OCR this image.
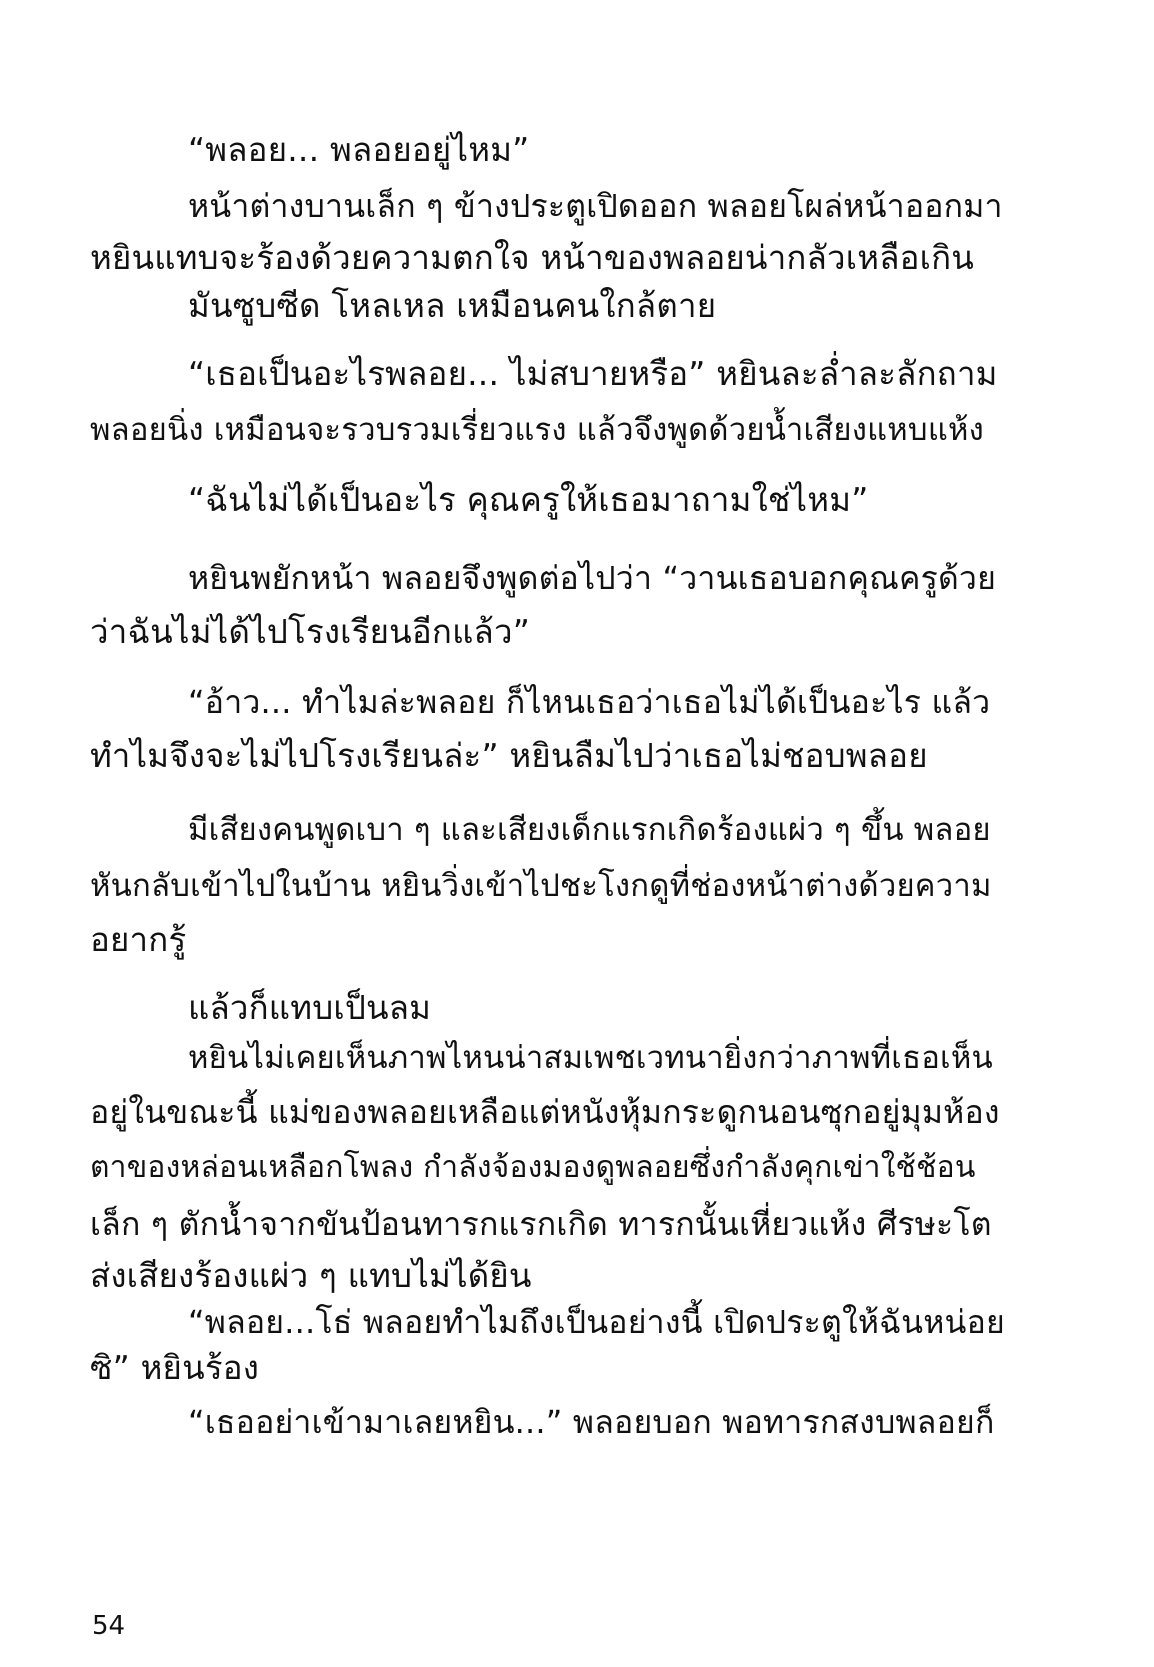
“พลอย... พลอยอยู่ไหม”
หน้าต่างบานเล็ก ๆ ข้างประตูเปิดออก พลอยโผล่หน้าออกมา
หยินแทบจะร้องด้วยความตกใจ หน้าของพลอยน่ากลัวเหลือเกิน
มันซูบซีด โหลเหล เหมือนคนใกล้ตาย
“เธอเป็นอะไรพลอย... ไม่สบายหรือ” หยินละล่ำละลักถาม
พลอยนิ่ง เหมือนจะรวบรวมเรี่ยวแรง แล้วจึงพูดด้วยน้ำเสียงแหบแห้ง
“ฉันไม่ได้เป็นอะไร คุณครูให้เธอมาถามใช่ไหม”
หยินพยักหน้า พลอยจึงพูดต่อไปว่า “วานเธอบอกคุณครูด้วย
ว่าฉันไม่ได้ไปโรงเรียนอีกแล้ว”
“อ้าว... ทำไมล่ะพลอย ก็ไหนเธอว่าเธอไม่ได้เป็นอะไร แล้ว
ทำไมจึงจะไม่ไปโรงเรียนล่ะ” หยินลืมไปว่าเธอไม่ชอบพลอย
มีเสียงคนพูดเบา ๆ และเสียงเด็กแรกเกิดร้องแผ่ว ๆ ขึ้น พลอย
หันกลับเข้าไปในบ้าน หยินวิ่งเข้าไปชะโงกดูที่ช่องหน้าต่างด้วยความ
อยากรู้
แล้วก็แทบเป็นลม
หยินไม่เคยเห็นภาพไหนน่าสมเพชเวทนายิ่งกว่าภาพที่เธอเห็น
อยู่ในขณะนี้ แม่ของพลอยเหลือแต่หนังหุ้มกระดูกนอนซุกอยู่มุมห้อง
ตาของหล่อนเหลือกโพลง กำลังจ้องมองดูพลอยซึ่งกำลังคุกเข่าใช้ช้อน
เล็ก ๆ ตักน้ำจากขันป้อนทารกแรกเกิด ทารกนั้นเหี่ยวแห้ง ศีรษะโต
ส่งเสียงร้องแผ่ว ๆ แทบไม่ได้ยิน
“พลอย...โธ่ พลอยทำไมถึงเป็นอย่างนี้ เปิดประตูให้ฉันหน่อย
ซิ” หยินร้อง
“เธออย่าเข้ามาเลยหยิน...” พลอยบอก พอทารกสงบพลอยก็
54
